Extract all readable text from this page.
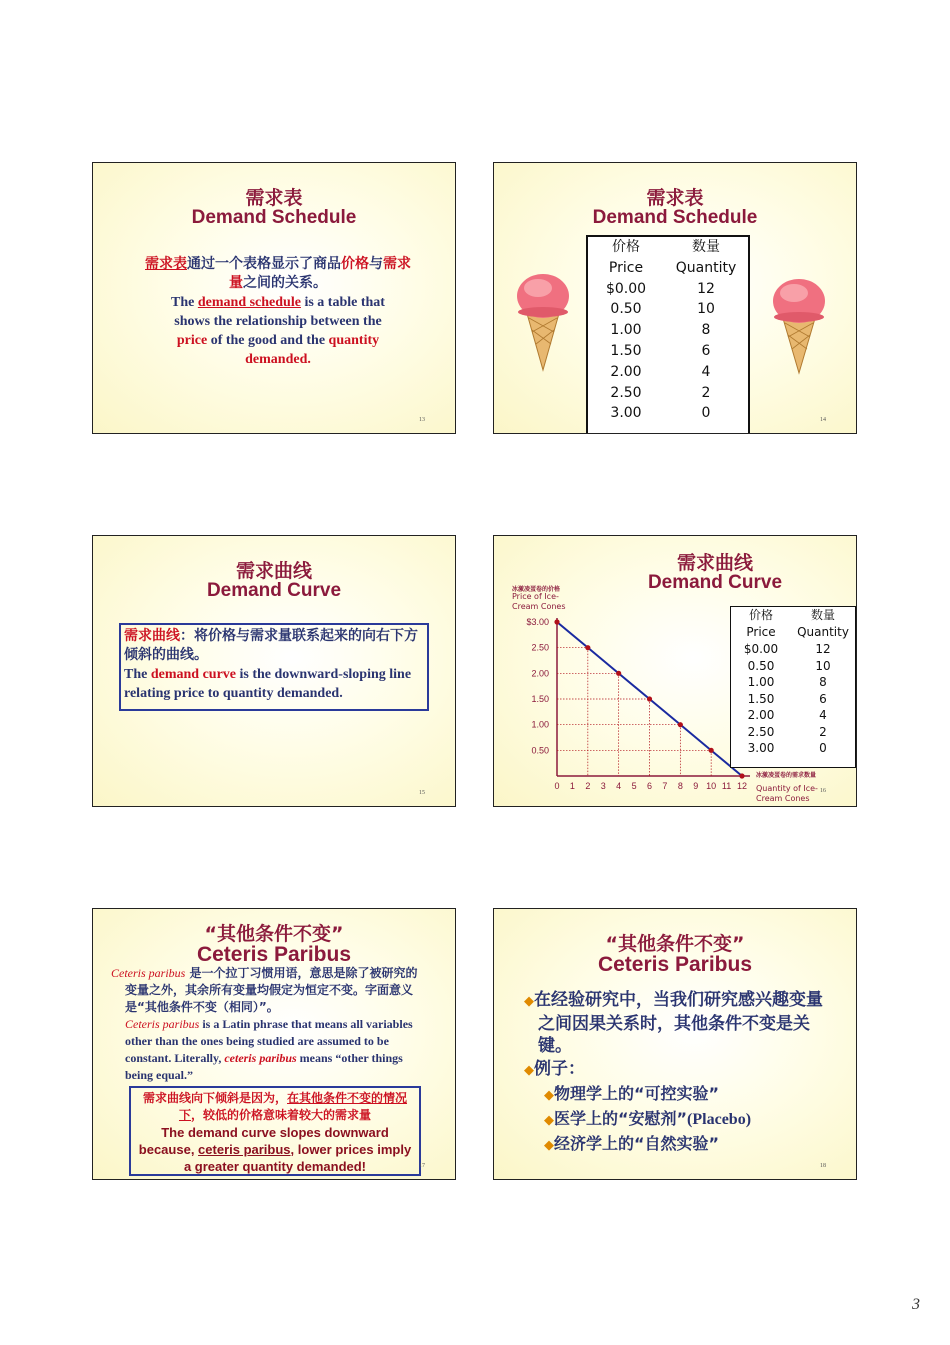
需求表
Demand Schedule
需求表通过一个表格显示了商品价格与需求量之间的关系。
The demand schedule is a table that shows the relationship between the price of the good and the quantity demanded.
13
需求表
Demand Schedule
价格	数量
Price	Quantity
$0.00	12
0.50	10
1.00	8
1.50	6
2.00	4
2.50	2
3.00	0	14
需求曲线
Demand Curve
需求曲线：将价格与需求量联系起来的向右下方倾斜的曲线。
The demand curve is the downward-sloping line relating price to quantity demanded.
15
需求曲线
Demand Curve
冰激凌蛋卷的价格
Price of Ice-Cream Cones
$3.00
2.50
2.00
1.50
1.00
0.50
0 1 2 3 4 5 6 7 8 9 10 11 12
价格	数量
Price	Quantity
$0.00	12
0.50	10
1.00	8
1.50	6
2.00	4
2.50	2
3.00	0
冰激凌蛋卷的需求数量
Quantity of Ice-Cream Cones
16
“其他条件不变”
Ceteris Paribus
Ceteris paribus 是一个拉丁习惯用语，意思是除了被研究的变量之外，其余所有变量均假定为恒定不变。字面意义是“其他条件不变（相同）”。
Ceteris paribus is a Latin phrase that means all variables other than the ones being studied are assumed to be constant. Literally, ceteris paribus means “other things being equal.”
需求曲线向下倾斜是因为，在其他条件不变的情况下，较低的价格意味着较大的需求量
The demand curve slopes downward because, ceteris paribus, lower prices imply a greater quantity demanded!	17
“其他条件不变”
Ceteris Paribus
◆在经验研究中，当我们研究感兴趣变量之间因果关系时，其他条件不变是关键。
◆例子：
◆物理学上的“可控实验”
◆医学上的“安慰剂”(Placebo)
◆经济学上的“自然实验”
18
3
